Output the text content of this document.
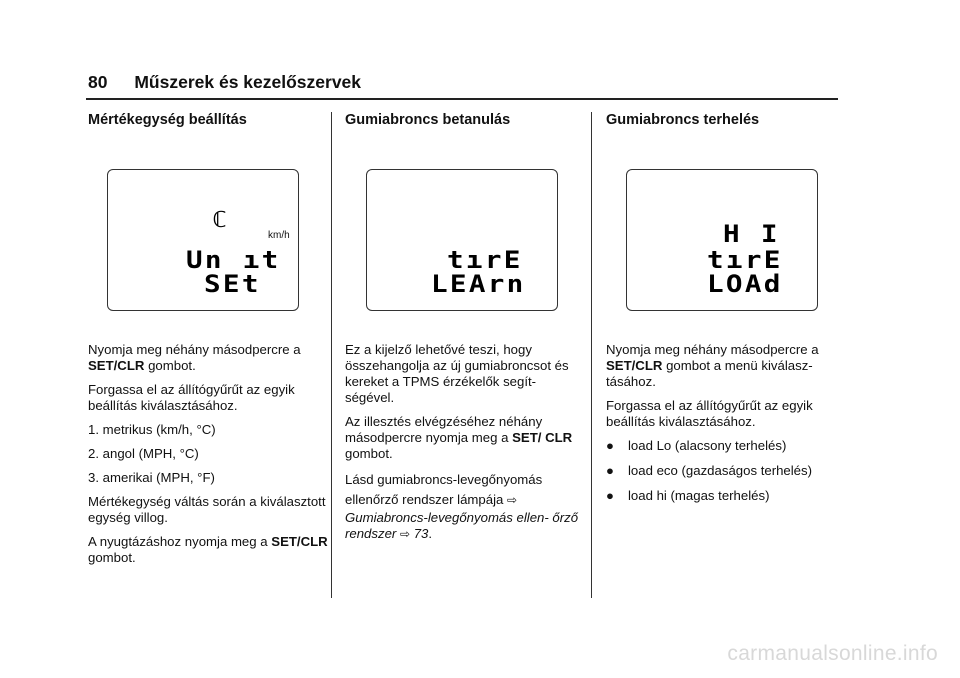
80 Műszerek és kezelőszervek
Mértékegység beállítás
ℂ
km/h
Un ıt
SEt

Nyomja meg néhány másodpercre a SET/CLR gombot.

Forgassa el az állítógyűrűt az egyik beállítás kiválasztásához.

1. metrikus (km/h, °C)

2. angol (MPH, °C)

3. amerikai (MPH, °F)

Mértékegység váltás során a kiválasztott egység villog.

A nyugtázáshoz nyomja meg a SET/CLR gombot.

Gumiabroncs betanulás
tırE
LEArn

Ez a kijelző lehetővé teszi, hogy összehangolja az új gumiabroncsot és kereket a TPMS érzékelők segít- ségével.

Az illesztés elvégzéséhez néhány másodpercre nyomja meg a SET/ CLR gombot.

Lásd gumiabroncs-levegőnyomás ellenőrző rendszer lámpája ⇨

Gumiabroncs-levegőnyomás ellen- őrző rendszer ⇨ 73.

Gumiabroncs terhelés
H I
tırE
LOAd

Nyomja meg néhány másodpercre a SET/CLR gombot a menü kiválasz- tásához.

Forgassa el az állítógyűrűt az egyik beállítás kiválasztásához.

●	load Lo (alacsony terhelés)
●	load eco (gazdaságos terhelés)
●	load hi (magas terhelés)
carmanualsonline.info
